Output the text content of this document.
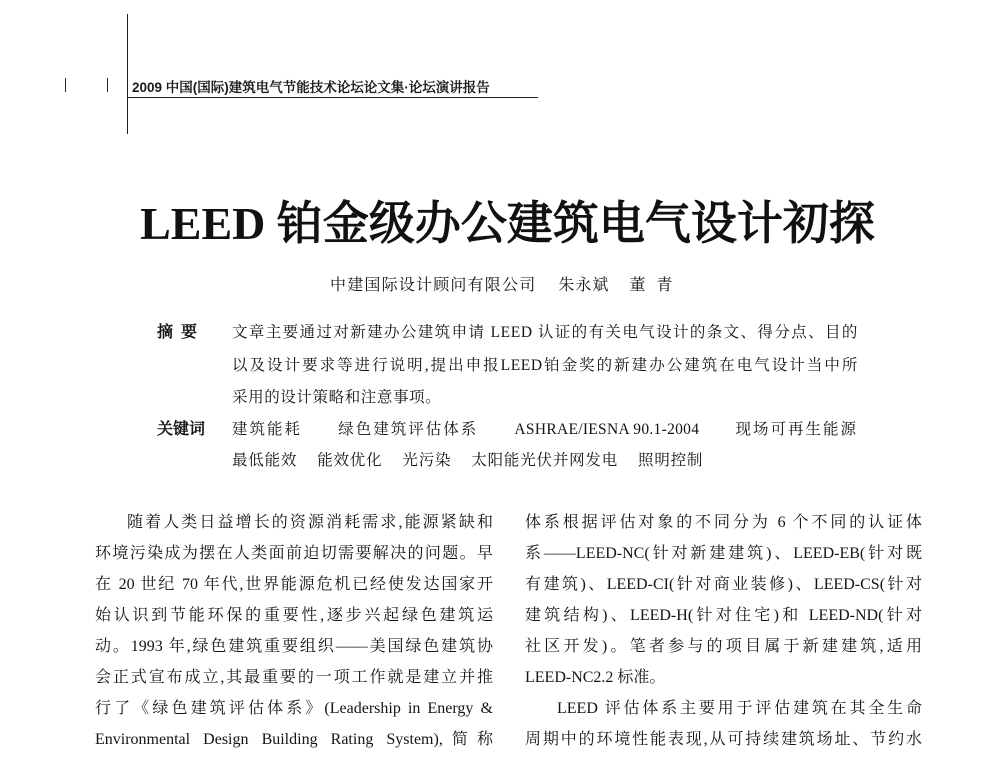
2009 中国(国际)建筑电气节能技术论坛论文集·论坛演讲报告
LEED 铂金级办公建筑电气设计初探
中建国际设计顾问有限公司 朱永斌 董  青
摘  要 文章主要通过对新建办公建筑申请 LEED 认证的有关电气设计的条文、得分点、目的
以及设计要求等进行说明,提出申报LEED铂金奖的新建办公建筑在电气设计当中所
采用的设计策略和注意事项。
关键词 建筑能耗 绿色建筑评估体系 ASHRAE/IESNA 90.1-2004 现场可再生能源
最低能效 能效优化 光污染 太阳能光伏并网发电 照明控制
随着人类日益增长的资源消耗需求,能源紧缺和
环境污染成为摆在人类面前迫切需要解决的问题。早
在 20 世纪 70 年代,世界能源危机已经使发达国家开
始认识到节能环保的重要性,逐步兴起绿色建筑运
动。1993 年,绿色建筑重要组织——美国绿色建筑协
会正式宣布成立,其最重要的一项工作就是建立并推
行了《绿色建筑评估体系》(Leadership in Energy &
Environmental Design Building Rating System),简称
体系根据评估对象的不同分为 6 个不同的认证体
系——LEED-NC(针对新建建筑)、LEED-EB(针对既
有建筑)、LEED-CI(针对商业装修)、LEED-CS(针对
建筑结构)、LEED-H(针对住宅)和 LEED-ND(针对
社区开发)。笔者参与的项目属于新建建筑,适用
LEED-NC2.2 标准。
LEED 评估体系主要用于评估建筑在其全生命
周期中的环境性能表现,从可持续建筑场址、节约水
